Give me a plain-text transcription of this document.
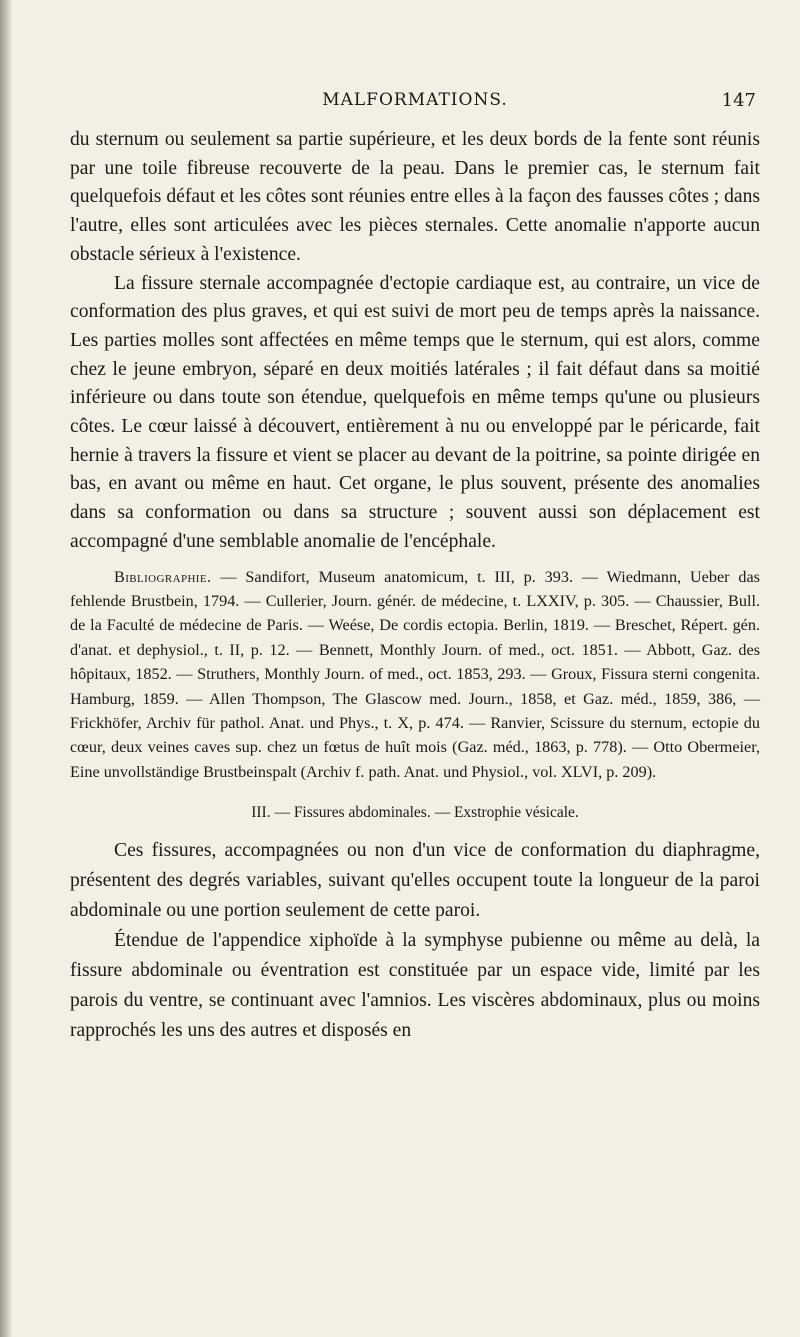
MALFORMATIONS.	147

du sternum ou seulement sa partie supérieure, et les deux bords de la fente sont réunis par une toile fibreuse recouverte de la peau. Dans le premier cas, le sternum fait quelquefois défaut et les côtes sont réunies entre elles à la façon des fausses côtes ; dans l'autre, elles sont articulées avec les pièces sternales. Cette anomalie n'apporte aucun obstacle sérieux à l'existence.

La fissure sternale accompagnée d'ectopie cardiaque est, au contraire, un vice de conformation des plus graves, et qui est suivi de mort peu de temps après la naissance. Les parties molles sont affectées en même temps que le sternum, qui est alors, comme chez le jeune embryon, séparé en deux moitiés latérales ; il fait défaut dans sa moitié inférieure ou dans toute son étendue, quelquefois en même temps qu'une ou plusieurs côtes. Le cœur laissé à découvert, entièrement à nu ou enveloppé par le péricarde, fait hernie à travers la fissure et vient se placer au devant de la poitrine, sa pointe dirigée en bas, en avant ou même en haut. Cet organe, le plus souvent, présente des anomalies dans sa conformation ou dans sa structure ; souvent aussi son déplacement est accompagné d'une semblable anomalie de l'encéphale.

Bibliographie. — Sandifort, Museum anatomicum, t. III, p. 393. — Wiedmann, Ueber das fehlende Brustbein, 1794. — Cullerier, Journ. génér. de médecine, t. LXXIV, p. 305. — Chaussier, Bull. de la Faculté de médecine de Paris. — Weése, De cordis ectopia. Berlin, 1819. — Breschet, Répert. gén. d'anat. et dephysiol., t. II, p. 12. — Bennett, Monthly Journ. of med., oct. 1851. — Abbott, Gaz. des hôpitaux, 1852. — Struthers, Monthly Journ. of med., oct. 1853, 293. — Groux, Fissura sterni congenita. Hamburg, 1859. — Allen Thompson, The Glascow med. Journ., 1858, et Gaz. méd., 1859, 386, — Frickhöfer, Archiv für pathol. Anat. und Phys., t. X, p. 474. — Ranvier, Scissure du sternum, ectopie du cœur, deux veines caves sup. chez un fœtus de huît mois (Gaz. méd., 1863, p. 778). — Otto Obermeier, Eine unvollständige Brustbeinspalt (Archiv f. path. Anat. und Physiol., vol. XLVI, p. 209).
III. — Fissures abdominales. — Exstrophie vésicale.

Ces fissures, accompagnées ou non d'un vice de conformation du diaphragme, présentent des degrés variables, suivant qu'elles occupent toute la longueur de la paroi abdominale ou une portion seulement de cette paroi.

Étendue de l'appendice xiphoïde à la symphyse pubienne ou même au delà, la fissure abdominale ou éventration est constituée par un espace vide, limité par les parois du ventre, se continuant avec l'amnios. Les viscères abdominaux, plus ou moins rapprochés les uns des autres et disposés en
